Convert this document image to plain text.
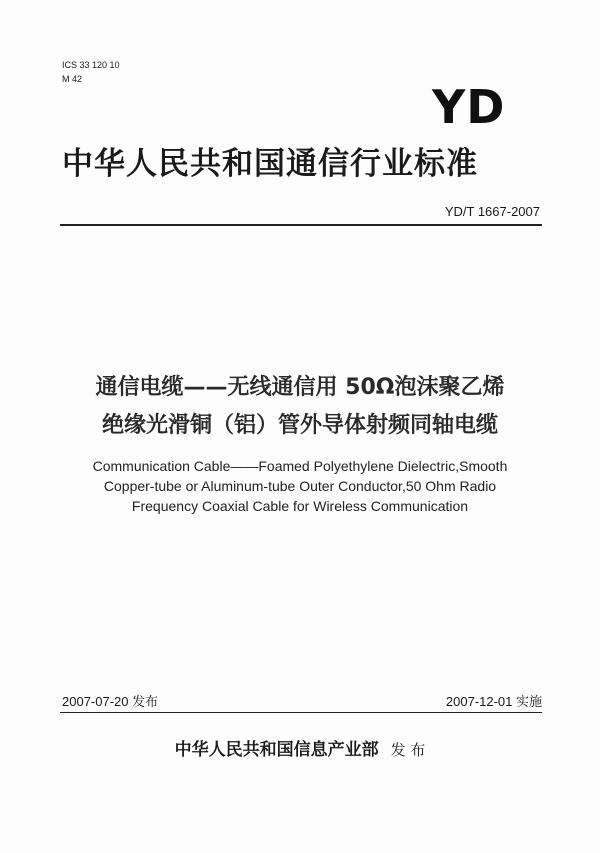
ICS 33 120 10
M 42
YD
中华人民共和国通信行业标准
YD/T 1667-2007
通信电缆——无线通信用 50Ω泡沫聚乙烯
绝缘光滑铜（铝）管外导体射频同轴电缆
Communication Cable——Foamed Polyethylene Dielectric,Smooth
Copper-tube or Aluminum-tube Outer Conductor,50 Ohm Radio
Frequency Coaxial Cable for Wireless Communication
2007-07-20 发布	2007-12-01 实施
中华人民共和国信息产业部 发 布
